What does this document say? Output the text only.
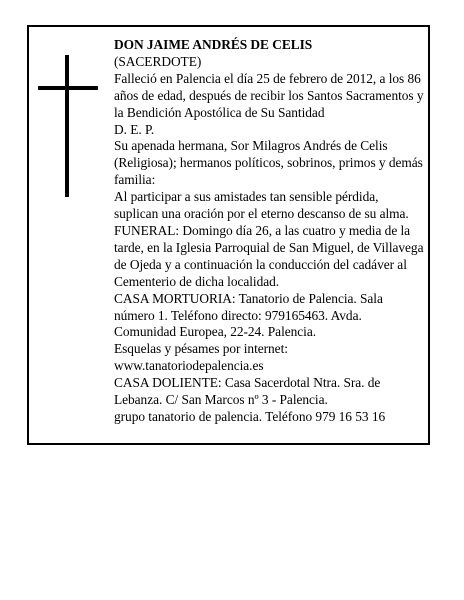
DON JAIME ANDRÉS DE CELIS

(SACERDOTE)

Falleció en Palencia el día 25 de febrero de 2012, a los 86 años de edad, después de recibir los Santos Sacramentos y la Bendición Apostólica de Su Santidad

D. E. P.

Su apenada hermana, Sor Milagros Andrés de Celis (Religiosa); hermanos políticos, sobrinos, primos y demás familia:

Al participar a sus amistades tan sensible pérdida, suplican una oración por el eterno descanso de su alma.

FUNERAL: Domingo día 26, a las cuatro y media de la tarde, en la Iglesia Parroquial de San Miguel, de Villavega de Ojeda y a continuación la conducción del cadáver al Cementerio de dicha localidad.

CASA MORTUORIA: Tanatorio de Palencia. Sala número 1. Teléfono directo: 979165463. Avda. Comunidad Europea, 22-24. Palencia.

Esquelas y pésames por internet:

www.tanatoriodepalencia.es

CASA DOLIENTE: Casa Sacerdotal Ntra. Sra. de Lebanza. C/ San Marcos nº 3 - Palencia.

grupo tanatorio de palencia. Teléfono 979 16 53 16
